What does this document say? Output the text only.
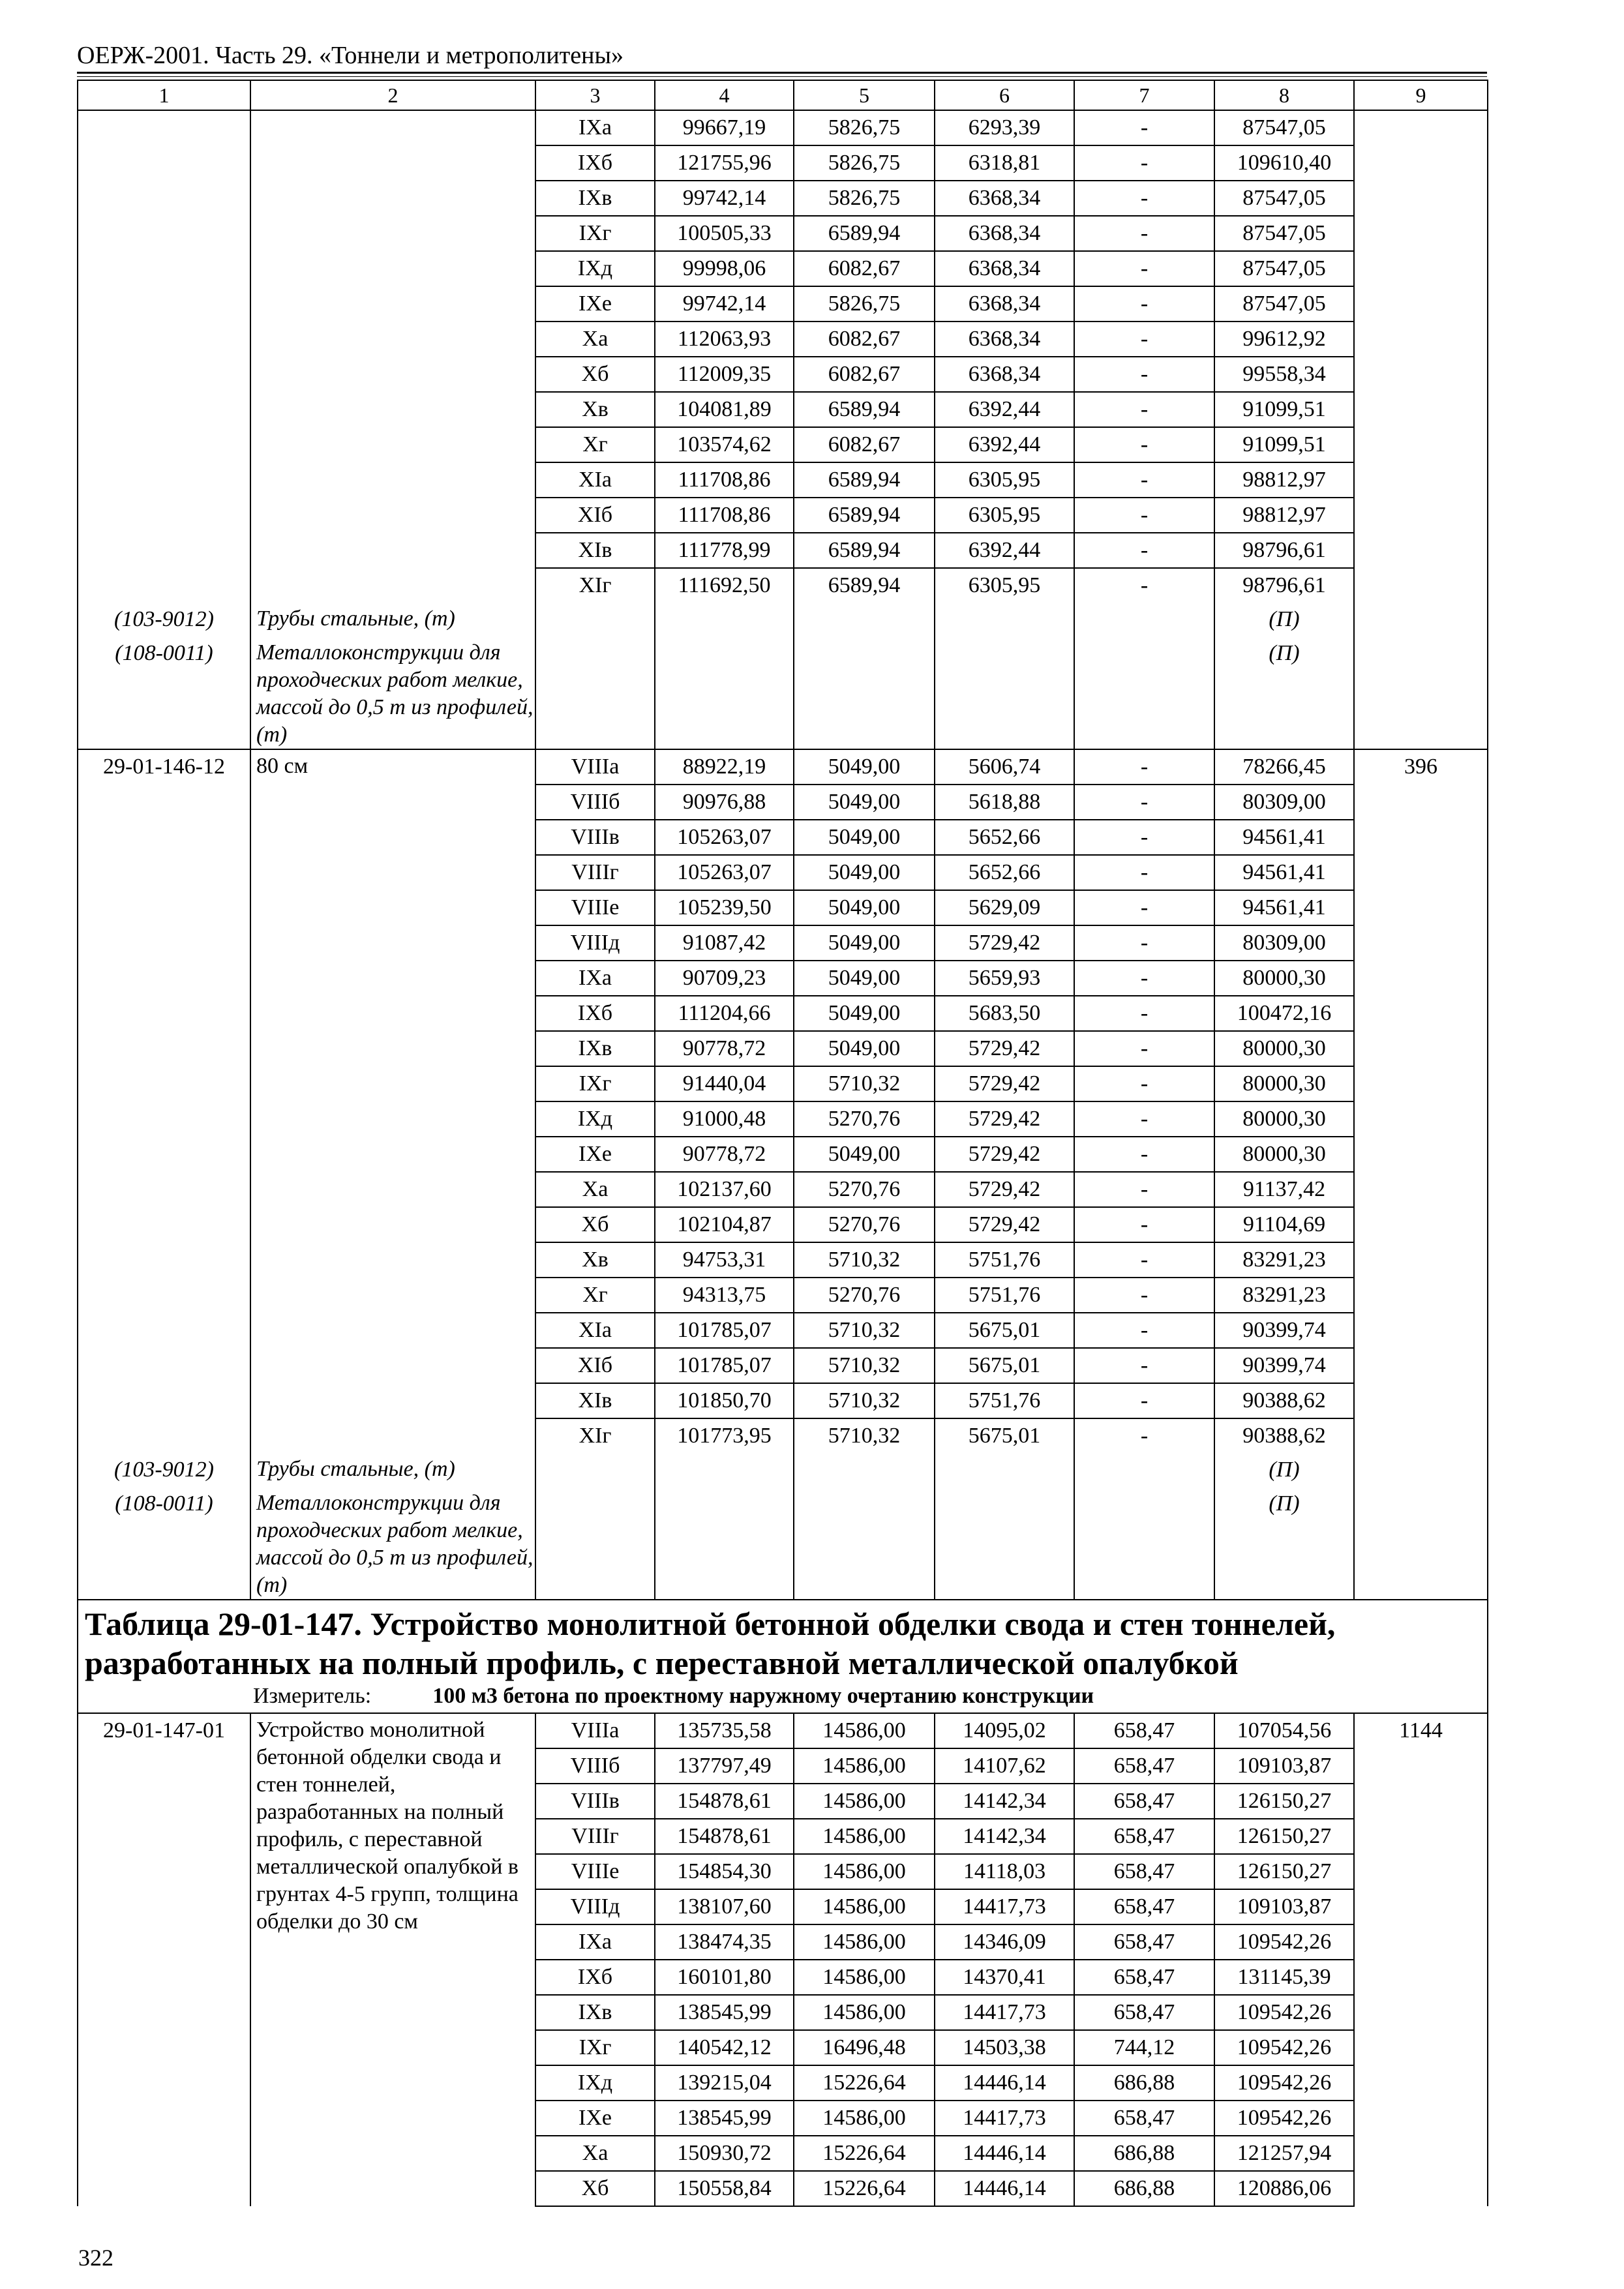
ОЕРЖ-2001. Часть 29. «Тоннели и метрополитены»
1	2	3	4	5	6	7	8	9
		IXa	99667,19	5826,75	6293,39	-	87547,05	
		IXб	121755,96	5826,75	6318,81	-	109610,40	
		IXв	99742,14	5826,75	6368,34	-	87547,05	
		IXг	100505,33	6589,94	6368,34	-	87547,05	
		IXд	99998,06	6082,67	6368,34	-	87547,05	
		IXе	99742,14	5826,75	6368,34	-	87547,05	
		Xa	112063,93	6082,67	6368,34	-	99612,92	
		Xб	112009,35	6082,67	6368,34	-	99558,34	
		Xв	104081,89	6589,94	6392,44	-	91099,51	
		Xг	103574,62	6082,67	6392,44	-	91099,51	
		XIa	111708,86	6589,94	6305,95	-	98812,97	
		XIб	111708,86	6589,94	6305,95	-	98812,97	
		XIв	111778,99	6589,94	6392,44	-	98796,61	
		XIг	111692,50	6589,94	6305,95	-	98796,61	
(103-9012)	Трубы стальные, (т)						(П)	
(108-0011)	Металлоконструкции для проходческих работ мелкие, массой до 0,5 т из профилей, (т)						(П)	
29-01-146-12	80 см	VIIIa	88922,19	5049,00	5606,74	-	78266,45	396
		VIIIб	90976,88	5049,00	5618,88	-	80309,00	
		VIIIв	105263,07	5049,00	5652,66	-	94561,41	
		VIIIг	105263,07	5049,00	5652,66	-	94561,41	
		VIIIе	105239,50	5049,00	5629,09	-	94561,41	
		VIIIд	91087,42	5049,00	5729,42	-	80309,00	
		IXa	90709,23	5049,00	5659,93	-	80000,30	
		IXб	111204,66	5049,00	5683,50	-	100472,16	
		IXв	90778,72	5049,00	5729,42	-	80000,30	
		IXг	91440,04	5710,32	5729,42	-	80000,30	
		IXд	91000,48	5270,76	5729,42	-	80000,30	
		IXе	90778,72	5049,00	5729,42	-	80000,30	
		Xa	102137,60	5270,76	5729,42	-	91137,42	
		Xб	102104,87	5270,76	5729,42	-	91104,69	
		Xв	94753,31	5710,32	5751,76	-	83291,23	
		Xг	94313,75	5270,76	5751,76	-	83291,23	
		XIa	101785,07	5710,32	5675,01	-	90399,74	
		XIб	101785,07	5710,32	5675,01	-	90399,74	
		XIв	101850,70	5710,32	5751,76	-	90388,62	
		XIг	101773,95	5710,32	5675,01	-	90388,62	
(103-9012)	Трубы стальные, (т)						(П)	
(108-0011)	Металлоконструкции для проходческих работ мелкие, массой до 0,5 т из профилей, (т)						(П)	

Таблица 29-01-147. Устройство монолитной бетонной обделки свода и стен тоннелей, разработанных на полный профиль, с переставной металлической опалубкой
Измеритель: 100 м3 бетона по проектному наружному очертанию конструкции								

29-01-147-01	Устройство монолитной бетонной обделки свода и стен тоннелей, разработанных на полный профиль, с переставной металлической опалубкой в грунтах 4-5 групп, толщина обделки до 30 см	VIIIa	135735,58	14586,00	14095,02	658,47	107054,56	1144
		VIIIб	137797,49	14586,00	14107,62	658,47	109103,87	
		VIIIв	154878,61	14586,00	14142,34	658,47	126150,27	
		VIIIг	154878,61	14586,00	14142,34	658,47	126150,27	
		VIIIе	154854,30	14586,00	14118,03	658,47	126150,27	
		VIIIд	138107,60	14586,00	14417,73	658,47	109103,87	
		IXa	138474,35	14586,00	14346,09	658,47	109542,26	
		IXб	160101,80	14586,00	14370,41	658,47	131145,39	
		IXв	138545,99	14586,00	14417,73	658,47	109542,26	
		IXг	140542,12	16496,48	14503,38	744,12	109542,26	
		IXд	139215,04	15226,64	14446,14	686,88	109542,26	
		IXе	138545,99	14586,00	14417,73	658,47	109542,26	
		Xa	150930,72	15226,64	14446,14	686,88	121257,94	
		Xб	150558,84	15226,64	14446,14	686,88	120886,06	
322
